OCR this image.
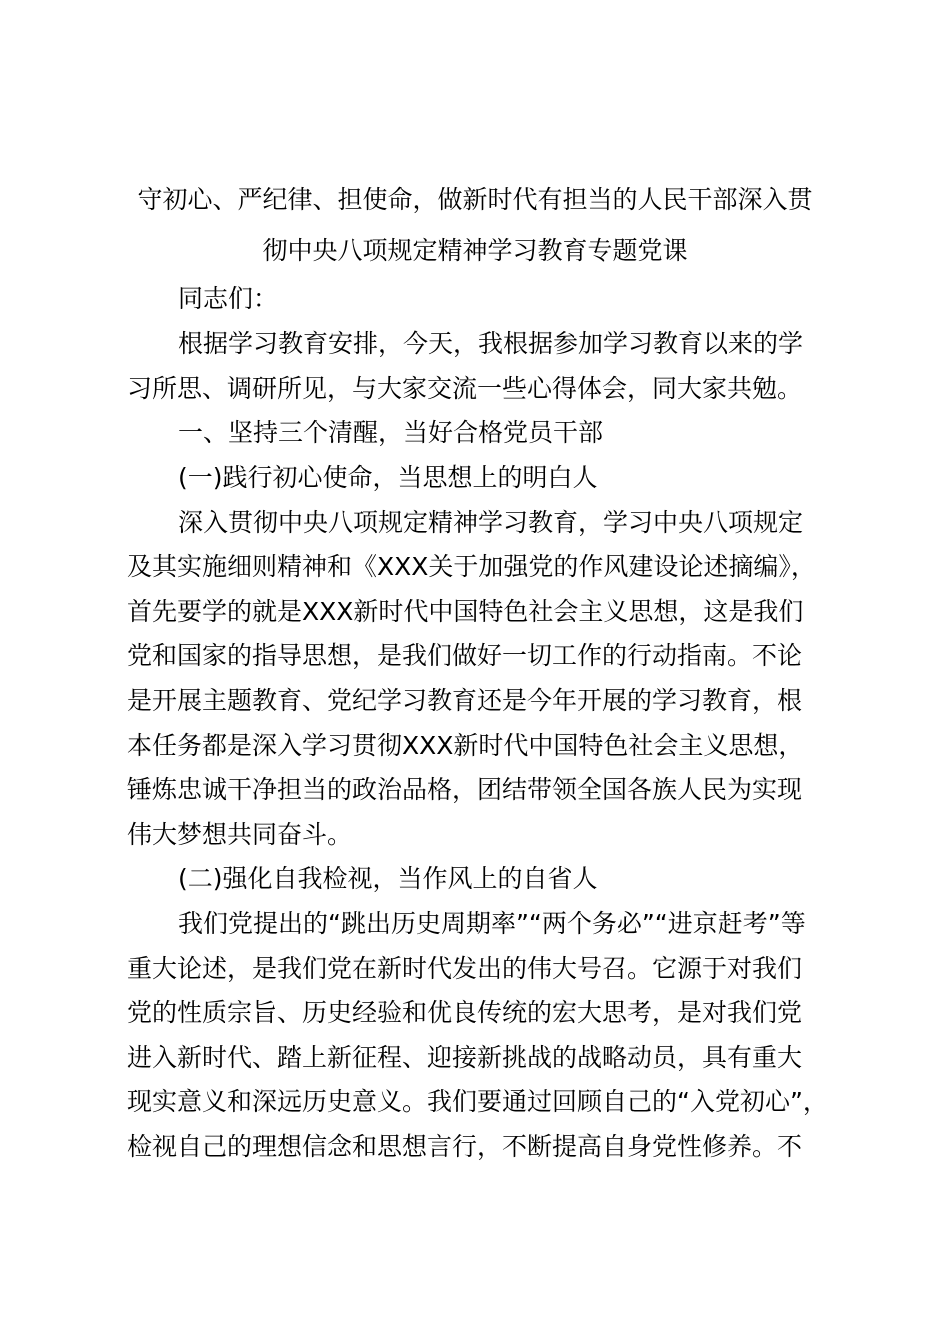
守初心、严纪律、担使命，做新时代有担当的人民干部深入贯
彻中央八项规定精神学习教育专题党课
同志们：
根据学习教育安排，今天，我根据参加学习教育以来的学
习所思、调研所见，与大家交流一些心得体会，同大家共勉。
一、坚持三个清醒，当好合格党员干部
(一)践行初心使命，当思想上的明白人
深入贯彻中央八项规定精神学习教育，学习中央八项规定
及其实施细则精神和《XXX关于加强党的作风建设论述摘编》，
首先要学的就是XXX新时代中国特色社会主义思想，这是我们
党和国家的指导思想，是我们做好一切工作的行动指南。不论
是开展主题教育、党纪学习教育还是今年开展的学习教育，根
本任务都是深入学习贯彻XXX新时代中国特色社会主义思想，
锤炼忠诚干净担当的政治品格，团结带领全国各族人民为实现
伟大梦想共同奋斗。
(二)强化自我检视，当作风上的自省人
我们党提出的“跳出历史周期率”“两个务必”“进京赶考”等
重大论述，是我们党在新时代发出的伟大号召。它源于对我们
党的性质宗旨、历史经验和优良传统的宏大思考，是对我们党
进入新时代、踏上新征程、迎接新挑战的战略动员，具有重大
现实意义和深远历史意义。我们要通过回顾自己的“入党初心”，
检视自己的理想信念和思想言行，不断提高自身党性修养。不
